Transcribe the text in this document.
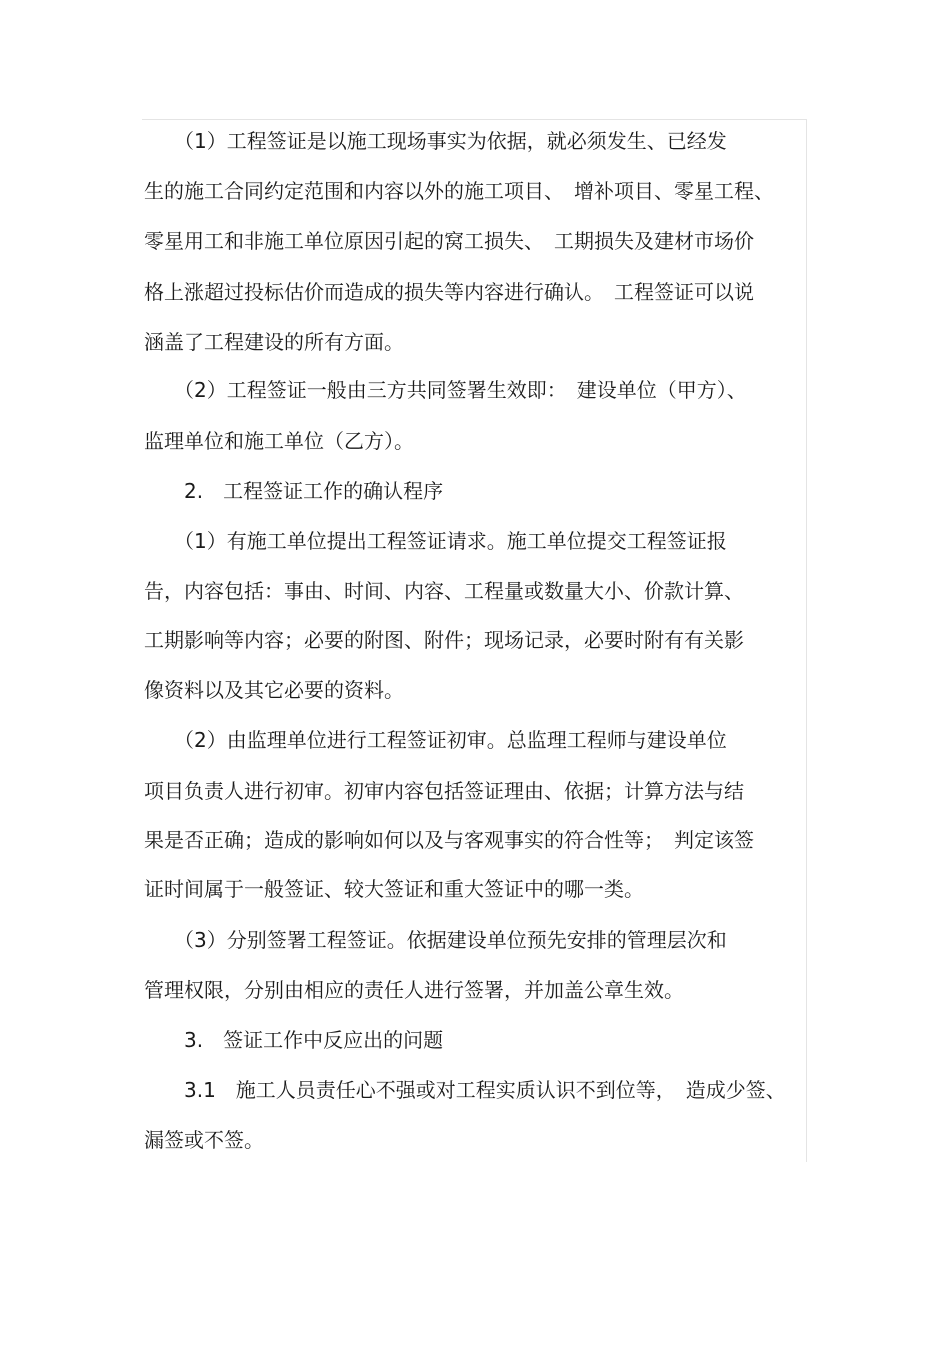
　　（1）工程签证是以施工现场事实为依据，就必须发生、已经发
生的施工合同约定范围和内容以外的施工项目、　增补项目、零星工程、
零星用工和非施工单位原因引起的窝工损失、　工期损失及建材市场价
格上涨超过投标估价而造成的损失等内容进行确认。　工程签证可以说
涵盖了工程建设的所有方面。
　　（2）工程签证一般由三方共同签署生效即：　建设单位（甲方）、
监理单位和施工单位（乙方）。
　　2.　工程签证工作的确认程序
　　（1）有施工单位提出工程签证请求。施工单位提交工程签证报
告，内容包括：事由、时间、内容、工程量或数量大小、价款计算、
工期影响等内容；必要的附图、附件；现场记录，必要时附有有关影
像资料以及其它必要的资料。
　　（2）由监理单位进行工程签证初审。总监理工程师与建设单位
项目负责人进行初审。初审内容包括签证理由、依据；计算方法与结
果是否正确；造成的影响如何以及与客观事实的符合性等；　判定该签
证时间属于一般签证、较大签证和重大签证中的哪一类。
　　（3）分别签署工程签证。依据建设单位预先安排的管理层次和
管理权限，分别由相应的责任人进行签署，并加盖公章生效。
　　3.　签证工作中反应出的问题
　　3.1　施工人员责任心不强或对工程实质认识不到位等，　造成少签、
漏签或不签。
